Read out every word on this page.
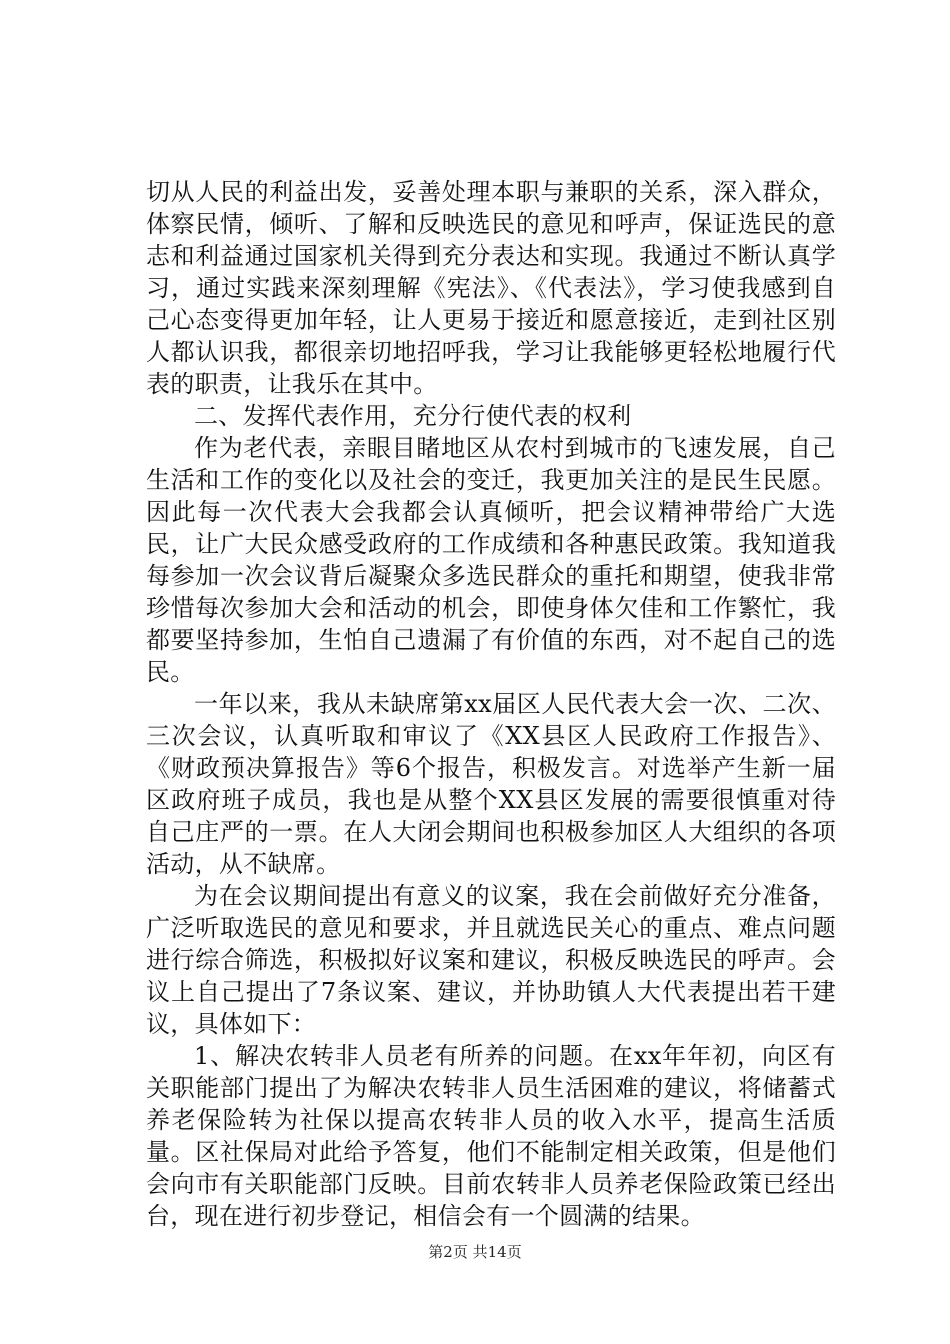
切从人民的利益出发，妥善处理本职与兼职的关系，深入群众，体察民情，倾听、了解和反映选民的意见和呼声，保证选民的意志和利益通过国家机关得到充分表达和实现。我通过不断认真学习，通过实践来深刻理解《宪法》、《代表法》，学习使我感到自己心态变得更加年轻，让人更易于接近和愿意接近，走到社区别人都认识我，都很亲切地招呼我，学习让我能够更轻松地履行代表的职责，让我乐在其中。

二、发挥代表作用，充分行使代表的权利

作为老代表，亲眼目睹地区从农村到城市的飞速发展，自己生活和工作的变化以及社会的变迁，我更加关注的是民生民愿。因此每一次代表大会我都会认真倾听，把会议精神带给广大选民，让广大民众感受政府的工作成绩和各种惠民政策。我知道我每参加一次会议背后凝聚众多选民群众的重托和期望，使我非常珍惜每次参加大会和活动的机会，即使身体欠佳和工作繁忙，我都要坚持参加，生怕自己遗漏了有价值的东西，对不起自己的选民。

一年以来，我从未缺席第xx届区人民代表大会一次、二次、三次会议，认真听取和审议了《XX县区人民政府工作报告》、《财政预决算报告》等6个报告，积极发言。对选举产生新一届区政府班子成员，我也是从整个XX县区发展的需要很慎重对待自己庄严的一票。在人大闭会期间也积极参加区人大组织的各项活动，从不缺席。

为在会议期间提出有意义的议案，我在会前做好充分准备，广泛听取选民的意见和要求，并且就选民关心的重点、难点问题进行综合筛选，积极拟好议案和建议，积极反映选民的呼声。会议上自己提出了7条议案、建议，并协助镇人大代表提出若干建议，具体如下：

1、解决农转非人员老有所养的问题。在xx年年初，向区有关职能部门提出了为解决农转非人员生活困难的建议，将储蓄式养老保险转为社保以提高农转非人员的收入水平，提高生活质量。区社保局对此给予答复，他们不能制定相关政策，但是他们会向市有关职能部门反映。目前农转非人员养老保险政策已经出台，现在进行初步登记，相信会有一个圆满的结果。

第2页 共14页
